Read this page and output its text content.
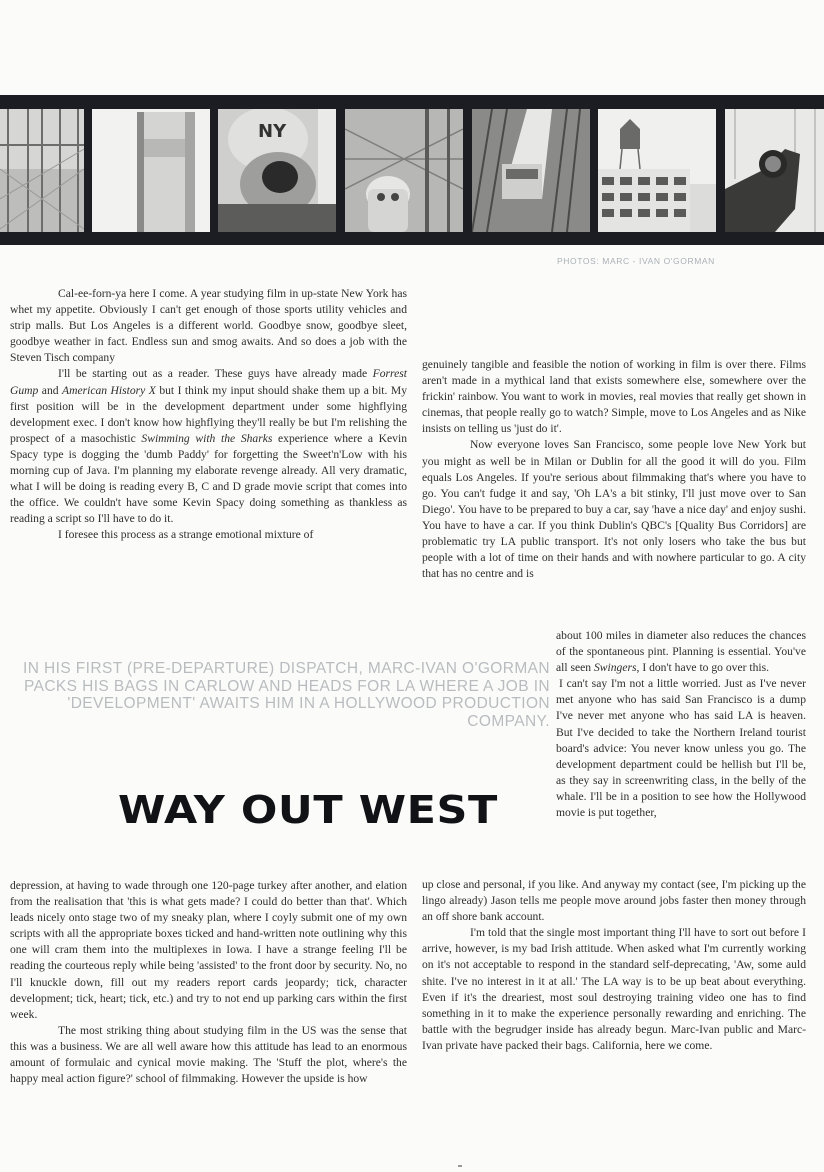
NY
PHOTOS: MARC - IVAN O'GORMAN

Cal-ee-forn-ya here I come. A year studying film in up-state New York has whet my appetite. Obviously I can't get enough of those sports utility vehicles and strip malls. But Los Angeles is a different world. Goodbye snow, goodbye sleet, goodbye weather in fact. Endless sun and smog awaits. And so does a job with the Steven Tisch company

I'll be starting out as a reader. These guys have already made Forrest Gump and American History X but I think my input should shake them up a bit. My first position will be in the development department under some highflying development exec. I don't know how highflying they'll really be but I'm relishing the prospect of a masochistic Swimming with the Sharks experience where a Kevin Spacy type is dogging the 'dumb Paddy' for forgetting the Sweet'n'Low with his morning cup of Java. I'm planning my elaborate revenge already. All very dramatic, what I will be doing is reading every B, C and D grade movie script that comes into the office. We couldn't have some Kevin Spacy doing something as thankless as reading a script so I'll have to do it.

I foresee this process as a strange emotional mixture of

genuinely tangible and feasible the notion of working in film is over there. Films aren't made in a mythical land that exists somewhere else, somewhere over the frickin' rainbow. You want to work in movies, real movies that really get shown in cinemas, that people really go to watch? Simple, move to Los Angeles and as Nike insists on telling us 'just do it'.

Now everyone loves San Francisco, some people love New York but you might as well be in Milan or Dublin for all the good it will do you. Film equals Los Angeles. If you're serious about filmmaking that's where you have to go. You can't fudge it and say, 'Oh LA's a bit stinky, I'll just move over to San Diego'. You have to be prepared to buy a car, say 'have a nice day' and enjoy sushi. You have to have a car. If you think Dublin's QBC's [Quality Bus Corridors] are problematic try LA public transport. It's not only losers who take the bus but people with a lot of time on their hands and with nowhere particular to go. A city that has no centre and is

about 100 miles in diameter also reduces the chances of the spontaneous pint. Planning is essential. You've all seen Swingers, I don't have to go over this.

I can't say I'm not a little worried. Just as I've never met anyone who has said San Francisco is a dump I've never met anyone who has said LA is heaven. But I've decided to take the Northern Ireland tourist board's advice: You never know unless you go. The development department could be hellish but I'll be, as they say in screenwriting class, in the belly of the whale. I'll be in a position to see how the Hollywood movie is put together,

IN HIS FIRST (PRE-DEPARTURE) DISPATCH, MARC-IVAN O'GORMAN PACKS HIS BAGS IN CARLOW AND HEADS FOR LA WHERE A JOB IN 'DEVELOPMENT' AWAITS HIM IN A HOLLYWOOD PRODUCTION COMPANY.
WAY OUT WEST

depression, at having to wade through one 120-page turkey after another, and elation from the realisation that 'this is what gets made? I could do better than that'. Which leads nicely onto stage two of my sneaky plan, where I coyly submit one of my own scripts with all the appropriate boxes ticked and hand-written note outlining why this one will cram them into the multiplexes in Iowa. I have a strange feeling I'll be reading the courteous reply while being 'assisted' to the front door by security. No, no I'll knuckle down, fill out my readers report cards jeopardy; tick, character development; tick, heart; tick, etc.) and try to not end up parking cars within the first week.

The most striking thing about studying film in the US was the sense that this was a business. We are all well aware how this attitude has lead to an enormous amount of formulaic and cynical movie making. The 'Stuff the plot, where's the happy meal action figure?' school of filmmaking. However the upside is how

up close and personal, if you like. And anyway my contact (see, I'm picking up the lingo already) Jason tells me people move around jobs faster then money through an off shore bank account.

I'm told that the single most important thing I'll have to sort out before I arrive, however, is my bad Irish attitude. When asked what I'm currently working on it's not acceptable to respond in the standard self-deprecating, 'Aw, some auld shite. I've no interest in it at all.' The LA way is to be up beat about everything. Even if it's the dreariest, most soul destroying training video one has to find something in it to make the experience personally rewarding and enriching. The battle with the begrudger inside has already begun. Marc-Ivan public and Marc-Ivan private have packed their bags. California, here we come.
